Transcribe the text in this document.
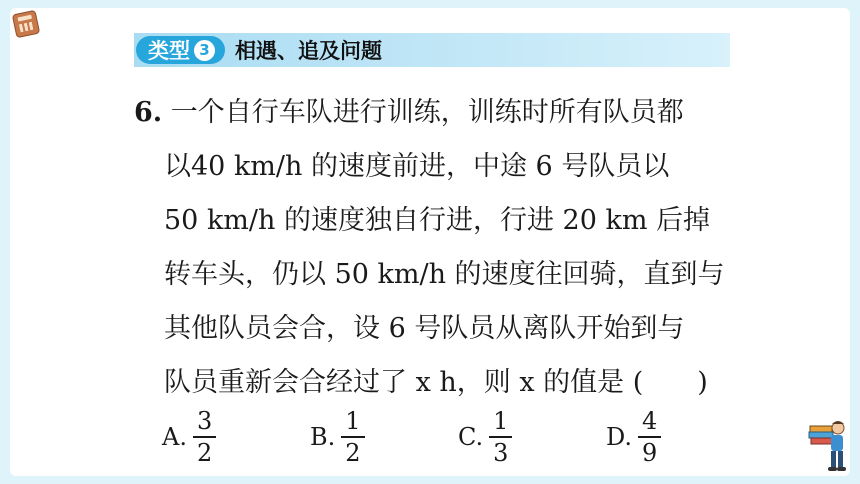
类型 3 相遇、追及问题
6. 一个自行车队进行训练，训练时所有队员都
以40 km/h 的速度前进，中途 6 号队员以
50 km/h 的速度独自行进，行进 20 km 后掉
转车头，仍以 50 km/h 的速度往回骑，直到与
其他队员会合，设 6 号队员从离队开始到与
队员重新会合经过了 x h，则 x 的值是 (　　)
A. $\frac{3}{2}$	B. $\frac{1}{2}$	C. $\frac{1}{3}$	D. $\frac{4}{9}$
